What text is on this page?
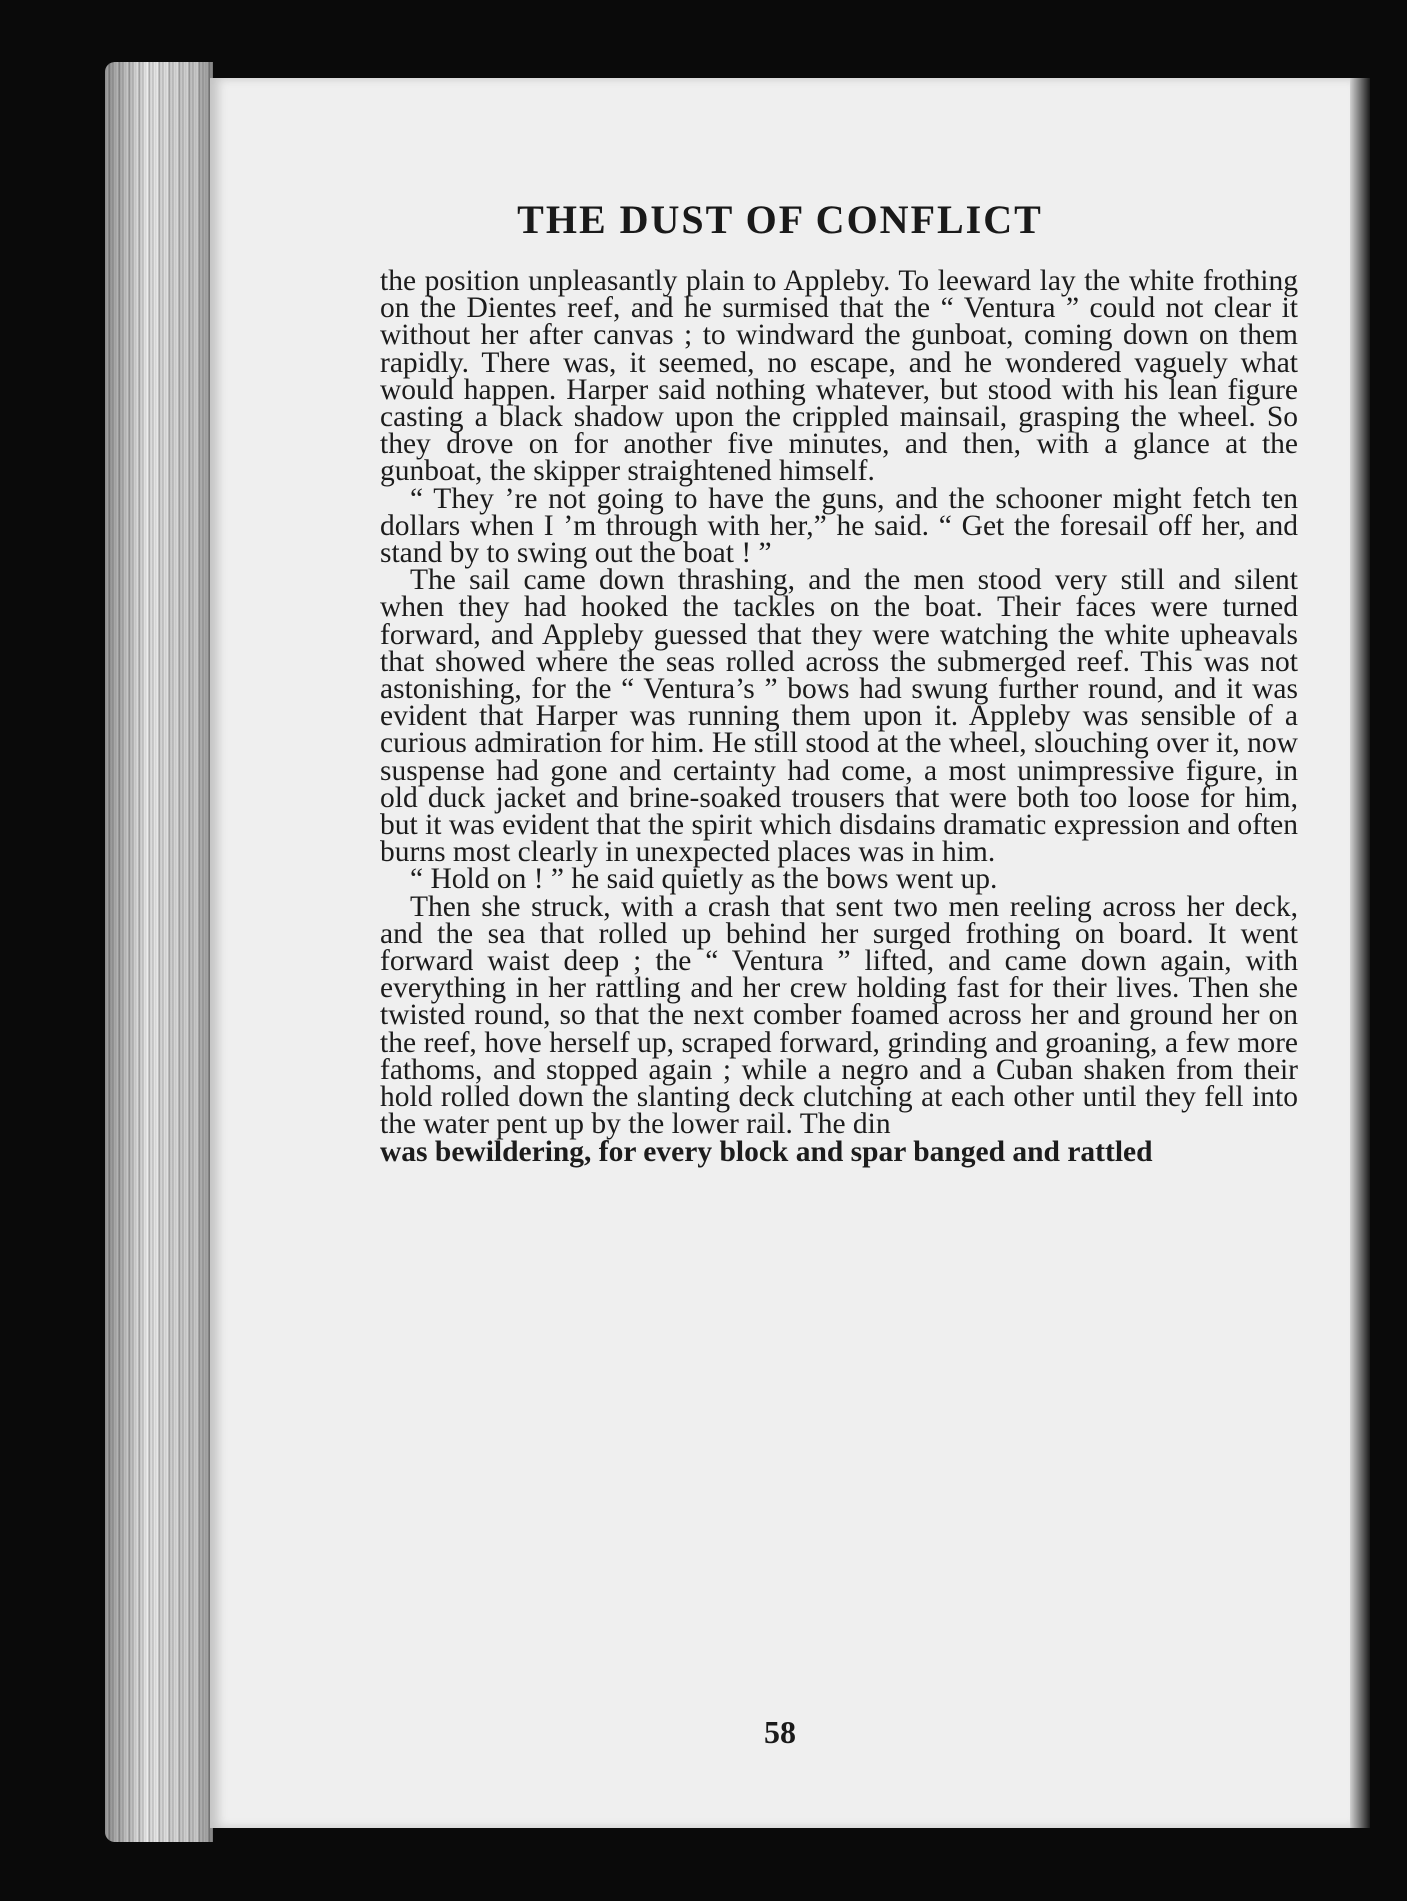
THE DUST OF CONFLICT

the position unpleasantly plain to Appleby. To leeward lay the white frothing on the Dientes reef, and he surmised that the “ Ventura ” could not clear it without her after canvas ; to windward the gunboat, coming down on them rapidly. There was, it seemed, no escape, and he wondered vaguely what would happen. Harper said nothing whatever, but stood with his lean figure casting a black shadow upon the crippled mainsail, grasping the wheel. So they drove on for another five minutes, and then, with a glance at the gunboat, the skipper straightened himself.

“ They ’re not going to have the guns, and the schooner might fetch ten dollars when I ’m through with her,” he said. “ Get the foresail off her, and stand by to swing out the boat ! ”

The sail came down thrashing, and the men stood very still and silent when they had hooked the tackles on the boat. Their faces were turned forward, and Appleby guessed that they were watching the white upheavals that showed where the seas rolled across the submerged reef. This was not astonishing, for the “ Ventura’s ” bows had swung further round, and it was evident that Harper was running them upon it. Appleby was sensible of a curious admiration for him. He still stood at the wheel, slouching over it, now suspense had gone and certainty had come, a most unimpressive figure, in old duck jacket and brine-soaked trousers that were both too loose for him, but it was evident that the spirit which disdains dramatic expression and often burns most clearly in unexpected places was in him.

“ Hold on ! ” he said quietly as the bows went up.

Then she struck, with a crash that sent two men reeling across her deck, and the sea that rolled up behind her surged frothing on board. It went forward waist deep ; the “ Ventura ” lifted, and came down again, with everything in her rattling and her crew holding fast for their lives. Then she twisted round, so that the next comber foamed across her and ground her on the reef, hove herself up, scraped forward, grinding and groaning, a few more fathoms, and stopped again ; while a negro and a Cuban shaken from their hold rolled down the slanting deck clutching at each other until they fell into the water pent up by the lower rail. The din

was bewildering, for every block and spar banged and rattled

58
